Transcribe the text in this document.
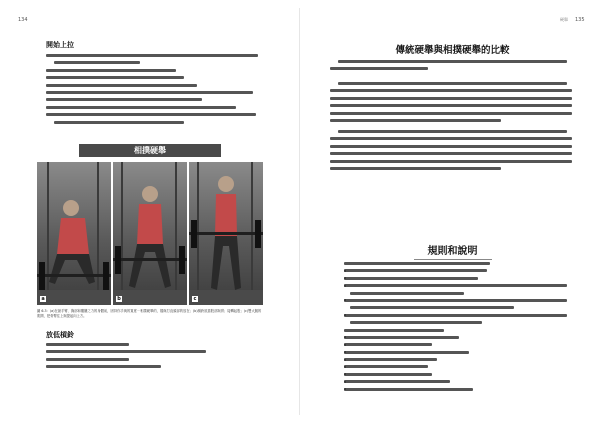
134
開始上拉
相撲硬舉
a	b	c
圖 6.3：(a)在最手臂、胸部和髖關之力的身體前，固持你手與的寬度－相撲硬舉的，膝與打直頭部的放在；(b)槓鈴抵靠股部與實；接轉起股；(c)雙大腿的肌開，把骨臀往上與提起向上方。
放低槓鈴
硬舉 135
傳統硬舉與相撲硬舉的比較
規則和說明
